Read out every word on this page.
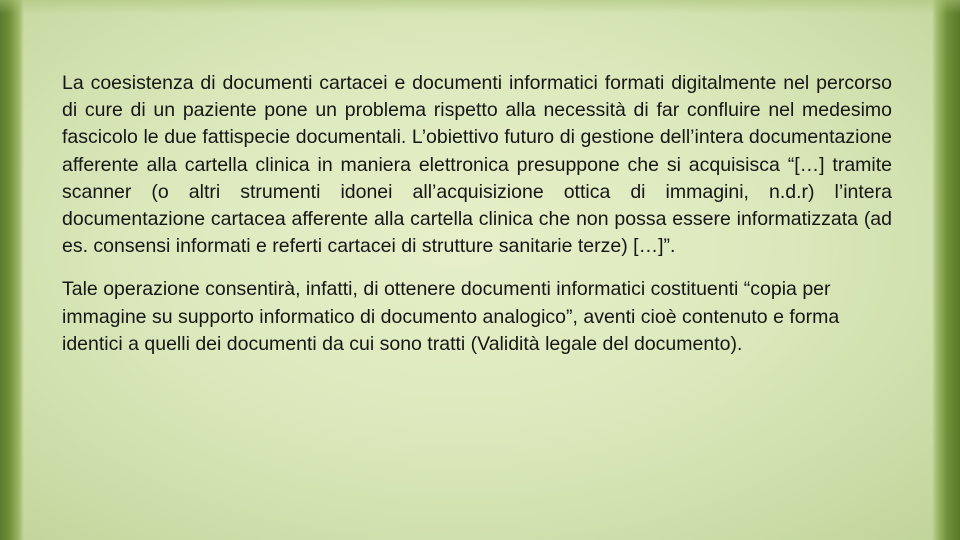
La coesistenza di documenti cartacei e documenti informatici formati digitalmente nel percorso di cure di un paziente pone un problema rispetto alla necessità di far confluire nel medesimo fascicolo le due fattispecie documentali. L’obiettivo futuro di gestione dell’intera documentazione afferente alla cartella clinica in maniera elettronica presuppone che si acquisisca “[…] tramite scanner (o altri strumenti idonei all’acquisizione ottica di immagini, n.d.r) l’intera documentazione cartacea afferente alla cartella clinica che non possa essere informatizzata (ad es. consensi informati e referti cartacei di strutture sanitarie terze) […]”.

Tale operazione consentirà, infatti, di ottenere documenti informatici costituenti “copia per immagine su supporto informatico di documento analogico”, aventi cioè contenuto e forma identici a quelli dei documenti da cui sono tratti (Validità legale del documento).
